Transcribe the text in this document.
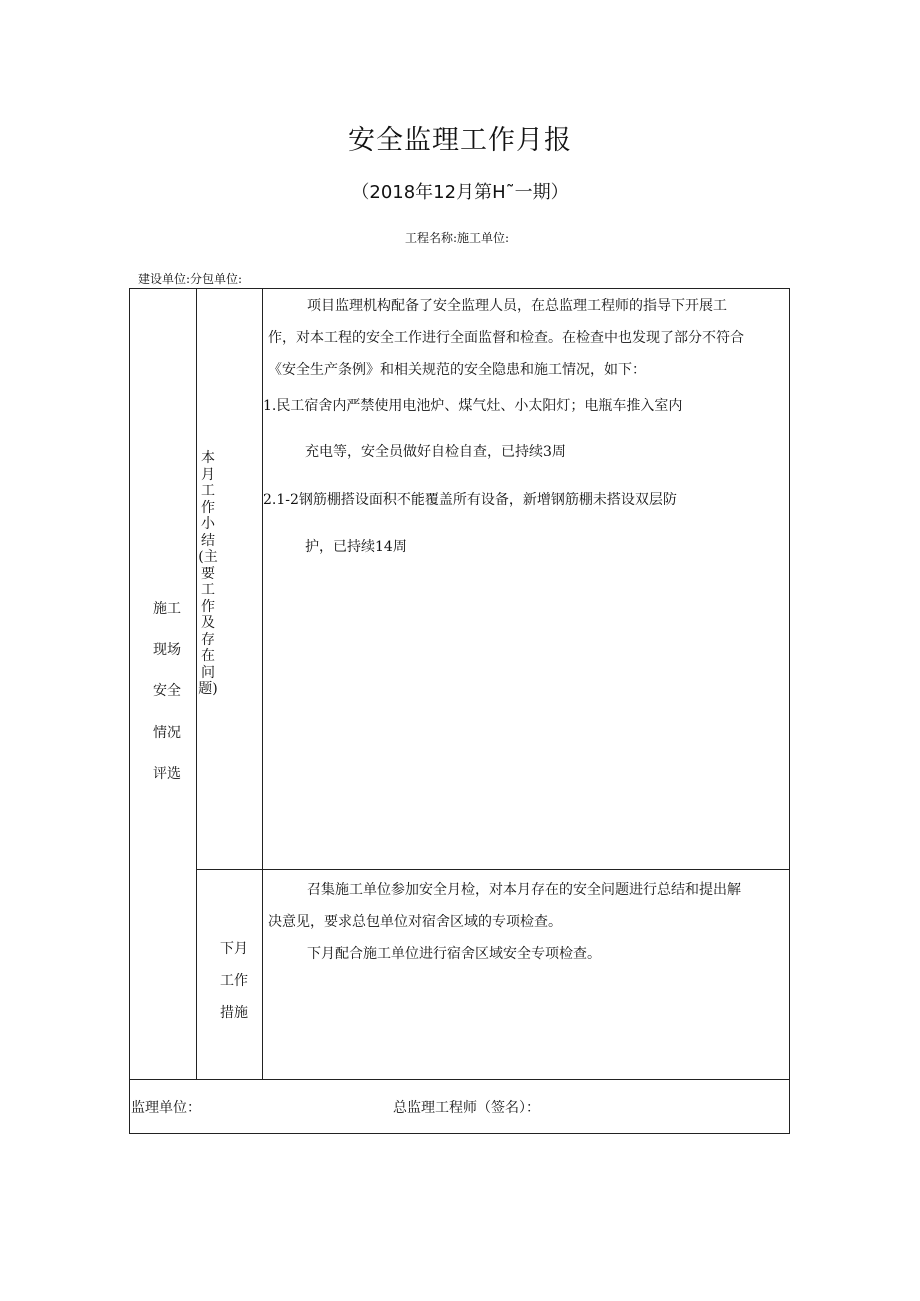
安全监理工作月报
（2018年12月第H˜一期）
工程名称:施工单位:
建设单位:分包单位:
施工
现场
安全
情况
评选
本月工作小结(主要工作及存在问题)
项目监理机构配备了安全监理人员，在总监理工程师的指导下开展工
作，对本工程的安全工作进行全面监督和检查。在检查中也发现了部分不符合
《安全生产条例》和相关规范的安全隐患和施工情况，如下：
1.民工宿舍内严禁使用电池炉、煤气灶、小太阳灯；电瓶车推入室内
充电等，安全员做好自检自查，已持续3周
2.1-2钢筋棚搭设面积不能覆盖所有设备，新增钢筋棚未搭设双层防
护，已持续14周
下月
工作
措施
召集施工单位参加安全月检，对本月存在的安全问题进行总结和提出解
决意见，要求总包单位对宿舍区域的专项检查。
下月配合施工单位进行宿舍区域安全专项检查。
监理单位：	总监理工程师（签名）：
